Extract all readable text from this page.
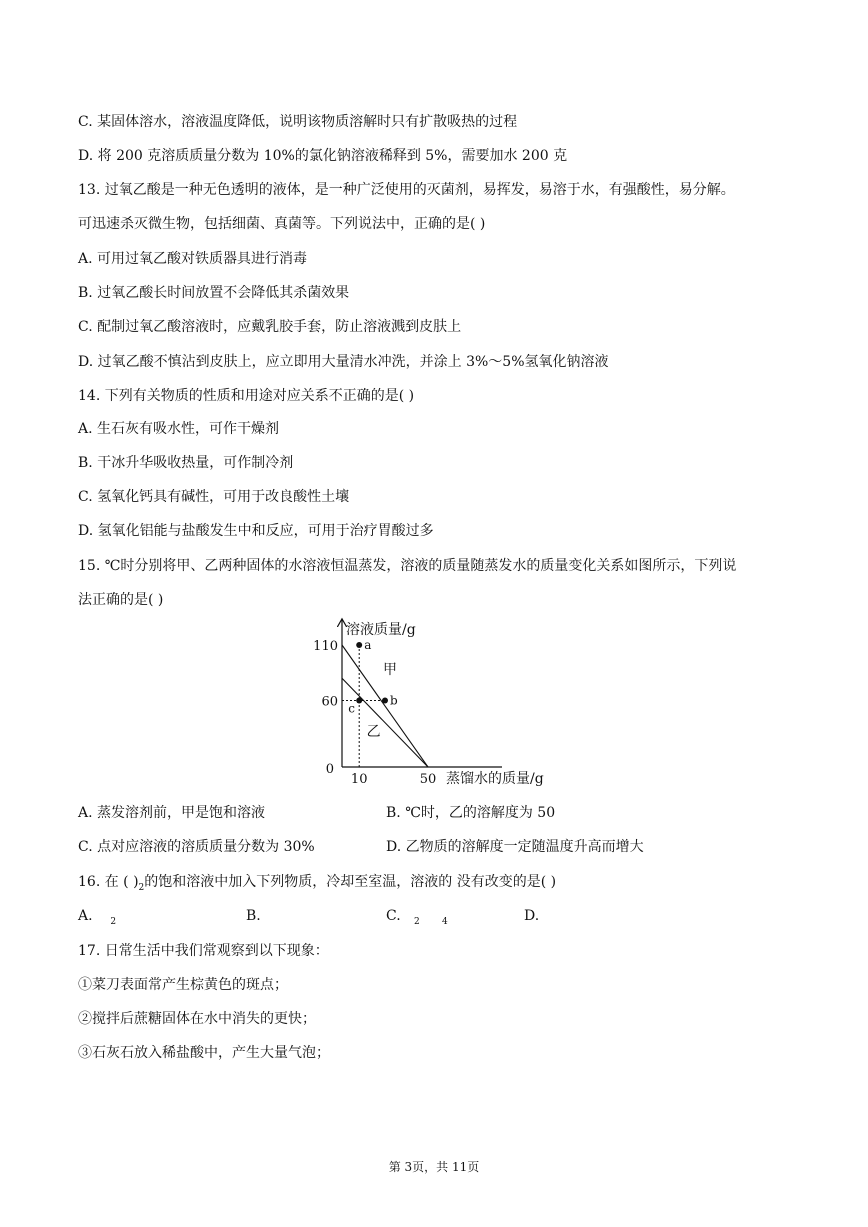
C. 某固体溶水，溶液温度降低，说明该物质溶解时只有扩散吸热的过程
D. 将 200 克溶质质量分数为 10%的氯化钠溶液稀释到 5%，需要加水 200 克
13. 过氧乙酸是一种无色透明的液体，是一种广泛使用的灭菌剂，易挥发，易溶于水，有强酸性，易分解。
可迅速杀灭微生物，包括细菌、真菌等。下列说法中，正确的是( )
A. 可用过氧乙酸对铁质器具进行消毒
B. 过氧乙酸长时间放置不会降低其杀菌效果
C. 配制过氧乙酸溶液时，应戴乳胶手套，防止溶液溅到皮肤上
D. 过氧乙酸不慎沾到皮肤上，应立即用大量清水冲洗，并涂上 3%～5%氢氧化钠溶液
14. 下列有关物质的性质和用途对应关系不正确的是( )
A. 生石灰有吸水性，可作干燥剂
B. 干冰升华吸收热量，可作制冷剂
C. 氢氧化钙具有碱性，可用于改良酸性土壤
D. 氢氧化铝能与盐酸发生中和反应，可用于治疗胃酸过多
15. ℃时分别将甲、乙两种固体的水溶液恒温蒸发，溶液的质量随蒸发水的质量变化关系如图所示，下列说
法正确的是( )
溶液质量/g
蒸馏水的质量/g
0
10	50
110
60
甲
乙
a
b
c
A. 蒸发溶剂前，甲是饱和溶液	B. ℃时，乙的溶解度为 50
C. 点对应溶液的溶质质量分数为 30%	D. 乙物质的溶解度一定随温度升高而增大
16. 在 ( )$_2$的饱和溶液中加入下列物质，冷却至室温，溶液的 没有改变的是( )
A. $_2$	B.	C. $_2$ $_4$	D.
17. 日常生活中我们常观察到以下现象：
①菜刀表面常产生棕黄色的斑点；
②搅拌后蔗糖固体在水中消失的更快；
③石灰石放入稀盐酸中，产生大量气泡；
第 3页，共 11页
